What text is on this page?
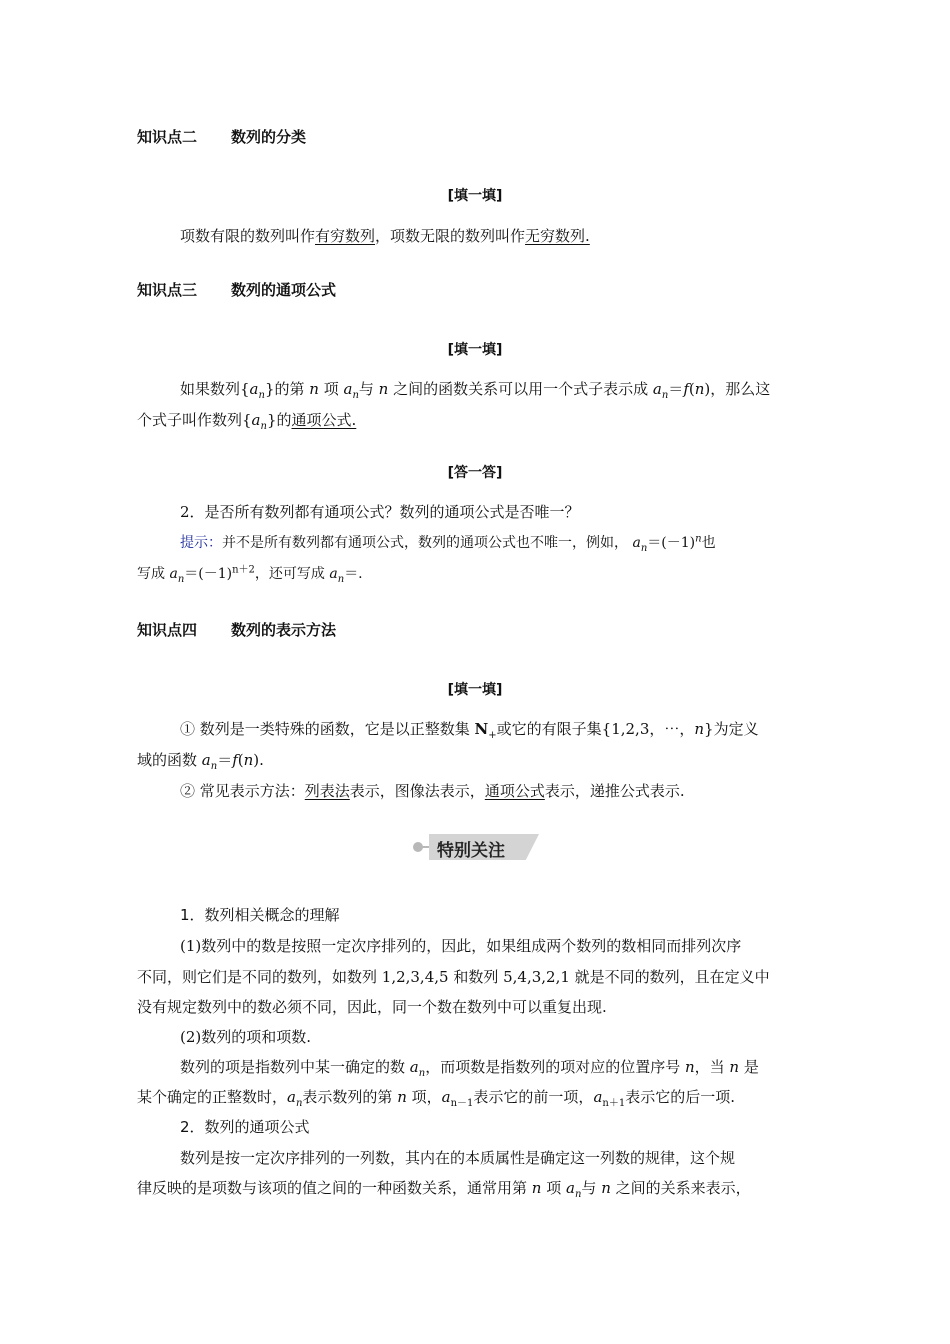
知识点二 数列的分类
[填一填]
项数有限的数列叫作有穷数列，项数无限的数列叫作无穷数列.
知识点三 数列的通项公式
[填一填]
如果数列$\{a_n\}$的第 n 项 $a_n$与 n 之间的函数关系可以用一个式子表示成 $a_n=f(n)$，那么这
个式子叫作数列$\{a_n\}$的通项公式.
[答一答]
2．是否所有数列都有通项公式？数列的通项公式是否唯一？
提示：并不是所有数列都有通项公式，数列的通项公式也不唯一，例如， $a_n=(-1)^n$也
写成 $a_n=(-1)^{n+2}$，还可写成 $a_n=$.
知识点四 数列的表示方法
[填一填]
① 数列是一类特殊的函数，它是以正整数集 $N_+$或它的有限子集{1,2,3，⋯，n}为定义
域的函数 $a_n=f(n)$.
② 常见表示方法：列表法表示，图像法表示，通项公式表示，递推公式表示.
特别关注
1．数列相关概念的理解
(1)数列中的数是按照一定次序排列的，因此，如果组成两个数列的数相同而排列次序
不同，则它们是不同的数列，如数列 1,2,3,4,5 和数列 5,4,3,2,1 就是不同的数列，且在定义中
没有规定数列中的数必须不同，因此，同一个数在数列中可以重复出现.
(2)数列的项和项数.
数列的项是指数列中某一确定的数 $a_n$，而项数是指数列的项对应的位置序号 n，当 n 是
某个确定的正整数时，$a_n$表示数列的第 n 项，$a_{n-1}$表示它的前一项，$a_{n+1}$表示它的后一项.
2．数列的通项公式
数列是按一定次序排列的一列数，其内在的本质属性是确定这一列数的规律，这个规
律反映的是项数与该项的值之间的一种函数关系，通常用第 n 项 $a_n$与 n 之间的关系来表示，
